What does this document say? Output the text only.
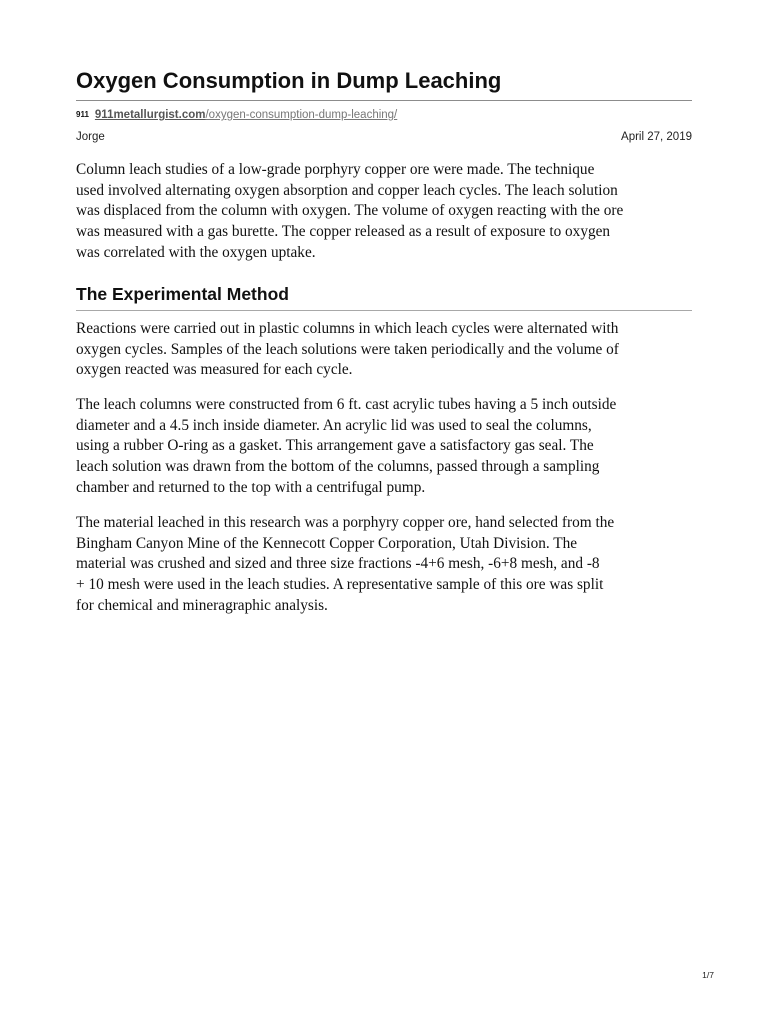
Oxygen Consumption in Dump Leaching
911 911metallurgist.com/oxygen-consumption-dump-leaching/
Jorge	April 27, 2019

Column leach studies of a low-grade porphyry copper ore were made. The technique
used involved alternating oxygen absorption and copper leach cycles. The leach solution
was displaced from the column with oxygen. The volume of oxygen reacting with the ore
was measured with a gas burette. The copper released as a result of exposure to oxygen
was correlated with the oxygen uptake.

The Experimental Method

Reactions were carried out in plastic columns in which leach cycles were alternated with
oxygen cycles. Samples of the leach solutions were taken periodically and the volume of
oxygen reacted was measured for each cycle.

The leach columns were constructed from 6 ft. cast acrylic tubes having a 5 inch outside
diameter and a 4.5 inch inside diameter. An acrylic lid was used to seal the columns,
using a rubber O-ring as a gasket. This arrangement gave a satisfactory gas seal. The
leach solution was drawn from the bottom of the columns, passed through a sampling
chamber and returned to the top with a centrifugal pump.

The material leached in this research was a porphyry copper ore, hand selected from the
Bingham Canyon Mine of the Kennecott Copper Corporation, Utah Division. The
material was crushed and sized and three size fractions -4+6 mesh, -6+8 mesh, and -8
+ 10 mesh were used in the leach studies. A representative sample of this ore was split
for chemical and mineragraphic analysis.

1/7
